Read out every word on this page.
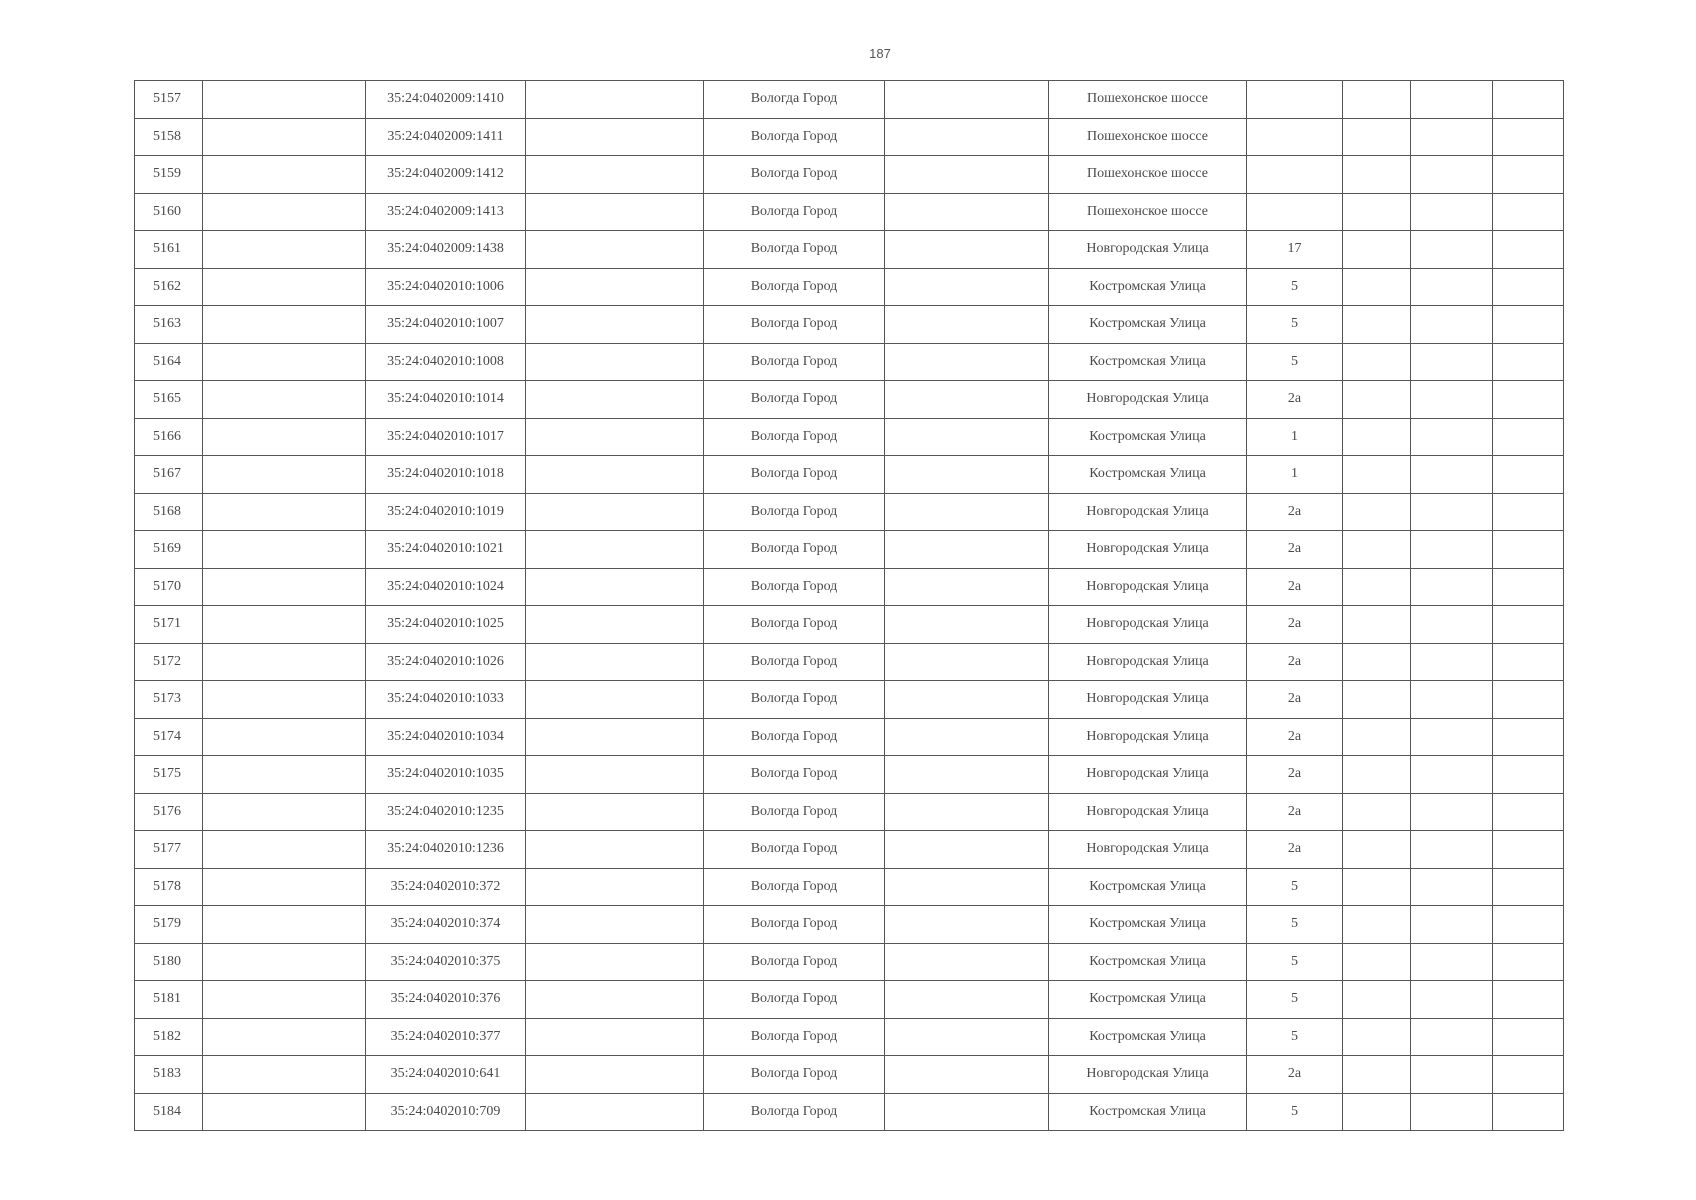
187
5157		35:24:0402009:1410		Вологда Город		Пошехонское шоссе				
5158		35:24:0402009:1411		Вологда Город		Пошехонское шоссе				
5159		35:24:0402009:1412		Вологда Город		Пошехонское шоссе				
5160		35:24:0402009:1413		Вологда Город		Пошехонское шоссе				
5161		35:24:0402009:1438		Вологда Город		Новгородская Улица	17			
5162		35:24:0402010:1006		Вологда Город		Костромская Улица	5			
5163		35:24:0402010:1007		Вологда Город		Костромская Улица	5			
5164		35:24:0402010:1008		Вологда Город		Костромская Улица	5			
5165		35:24:0402010:1014		Вологда Город		Новгородская Улица	2а			
5166		35:24:0402010:1017		Вологда Город		Костромская Улица	1			
5167		35:24:0402010:1018		Вологда Город		Костромская Улица	1			
5168		35:24:0402010:1019		Вологда Город		Новгородская Улица	2а			
5169		35:24:0402010:1021		Вологда Город		Новгородская Улица	2а			
5170		35:24:0402010:1024		Вологда Город		Новгородская Улица	2а			
5171		35:24:0402010:1025		Вологда Город		Новгородская Улица	2а			
5172		35:24:0402010:1026		Вологда Город		Новгородская Улица	2а			
5173		35:24:0402010:1033		Вологда Город		Новгородская Улица	2а			
5174		35:24:0402010:1034		Вологда Город		Новгородская Улица	2а			
5175		35:24:0402010:1035		Вологда Город		Новгородская Улица	2а			
5176		35:24:0402010:1235		Вологда Город		Новгородская Улица	2а			
5177		35:24:0402010:1236		Вологда Город		Новгородская Улица	2а			
5178		35:24:0402010:372		Вологда Город		Костромская Улица	5			
5179		35:24:0402010:374		Вологда Город		Костромская Улица	5			
5180		35:24:0402010:375		Вологда Город		Костромская Улица	5			
5181		35:24:0402010:376		Вологда Город		Костромская Улица	5			
5182		35:24:0402010:377		Вологда Город		Костромская Улица	5			
5183		35:24:0402010:641		Вологда Город		Новгородская Улица	2а			
5184		35:24:0402010:709		Вологда Город		Костромская Улица	5			
